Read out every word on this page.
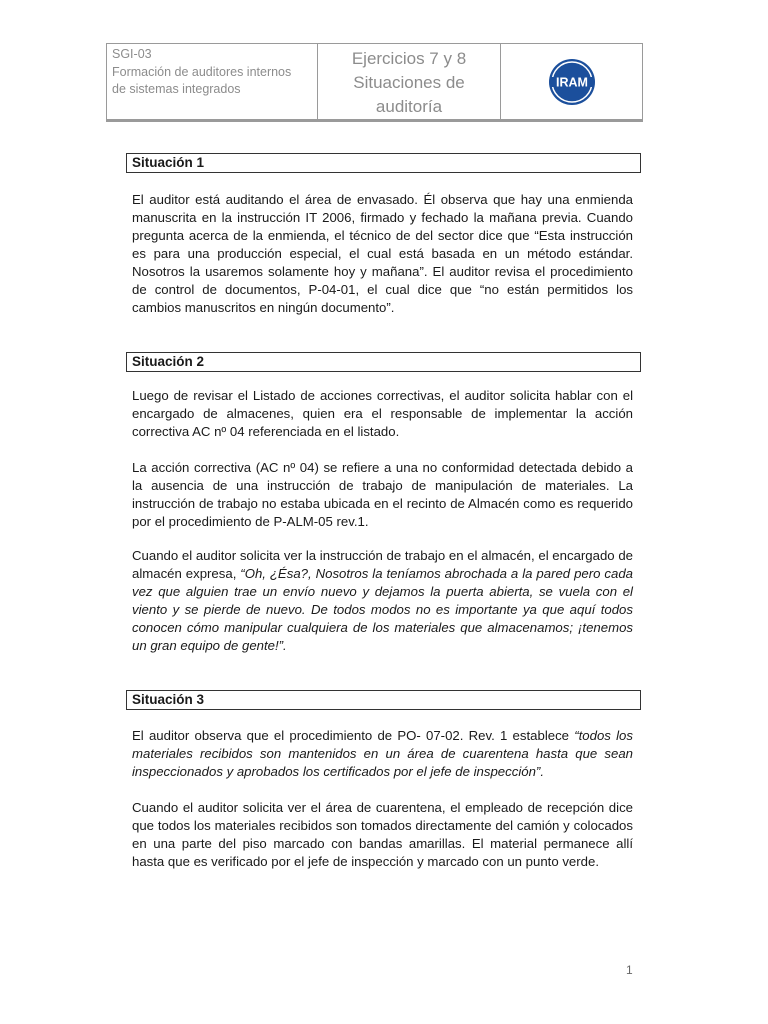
SGI-03
Formación de auditores internos
de sistemas integrados
Ejercicios 7 y 8
Situaciones de
auditoría
IRAM
Situación 1

El auditor está auditando el área de envasado. Él observa que hay una enmienda manuscrita en la instrucción IT 2006, firmado y fechado la mañana previa. Cuando pregunta acerca de la enmienda, el técnico de del sector dice que “Esta instrucción es para una producción especial, el cual está basada en un método estándar. Nosotros la usaremos solamente hoy y mañana”. El auditor revisa el procedimiento de control de documentos, P-04-01, el cual dice que “no están permitidos los cambios manuscritos en ningún documento”.

Situación 2

Luego de revisar el Listado de acciones correctivas, el auditor solicita hablar con el encargado de almacenes, quien era el responsable de implementar la acción correctiva AC nº 04 referenciada en el listado.

La acción correctiva (AC nº 04) se refiere a una no conformidad detectada debido a la ausencia de una instrucción de trabajo de manipulación de materiales. La instrucción de trabajo no estaba ubicada en el recinto de Almacén como es requerido por el procedimiento de P-ALM-05 rev.1.

Cuando el auditor solicita ver la instrucción de trabajo en el almacén, el encargado de almacén expresa, “Oh, ¿Ésa?, Nosotros la teníamos abrochada a la pared pero cada vez que alguien trae un envío nuevo y dejamos la puerta abierta, se vuela con el viento y se pierde de nuevo. De todos modos no es importante ya que aquí todos conocen cómo manipular cualquiera de los materiales que almacenamos; ¡tenemos un gran equipo de gente!”.

Situación 3

El auditor observa que el procedimiento de PO- 07-02. Rev. 1 establece “todos los materiales recibidos son mantenidos en un área de cuarentena hasta que sean inspeccionados y aprobados los certificados por el jefe de inspección”.

Cuando el auditor solicita ver el área de cuarentena, el empleado de recepción dice que todos los materiales recibidos son tomados directamente del camión y colocados en una parte del piso marcado con bandas amarillas. El material permanece allí hasta que es verificado por el jefe de inspección y marcado con un punto verde.

1
